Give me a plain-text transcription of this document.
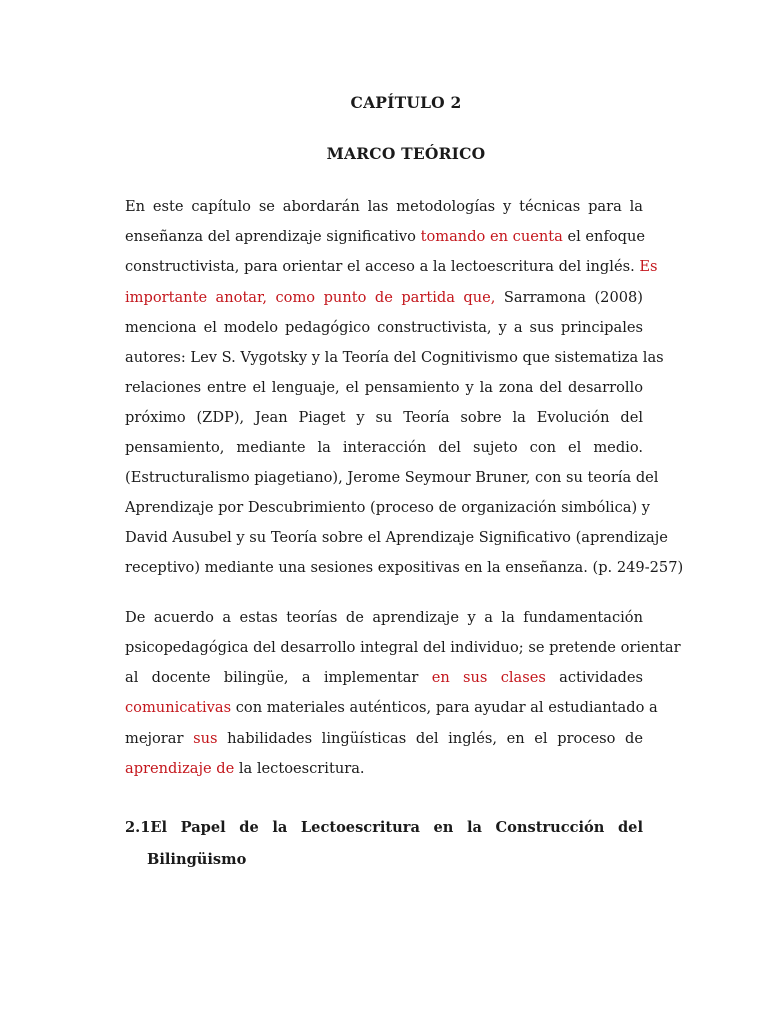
CAPÍTULO 2
MARCO TEÓRICO
En este capítulo se abordarán las metodologías y técnicas para la
enseñanza del aprendizaje significativo tomando en cuenta el enfoque
constructivista, para orientar el acceso a la lectoescritura del inglés. Es
importante anotar, como punto de partida que, Sarramona (2008)
menciona el modelo pedagógico constructivista, y a sus principales
autores: Lev S. Vygotsky y la Teoría del Cognitivismo que sistematiza las
relaciones entre el lenguaje, el pensamiento y la zona del desarrollo
próximo (ZDP), Jean Piaget y su Teoría sobre la Evolución del
pensamiento, mediante la interacción del sujeto con el medio.
(Estructuralismo piagetiano), Jerome Seymour Bruner, con su teoría del
Aprendizaje por Descubrimiento (proceso de organización simbólica) y
David Ausubel y su Teoría sobre el Aprendizaje Significativo (aprendizaje
receptivo) mediante una sesiones expositivas en la enseñanza. (p. 249-257)
De acuerdo a estas teorías de aprendizaje y a la fundamentación
psicopedagógica del desarrollo integral del individuo; se pretende orientar
al docente bilingüe, a implementar en sus clases actividades
comunicativas con materiales auténticos, para ayudar al estudiantado a
mejorar sus habilidades lingüísticas del inglés, en el proceso de
aprendizaje de la lectoescritura.
2.1El Papel de la Lectoescritura en la Construcción del
Bilingüismo
